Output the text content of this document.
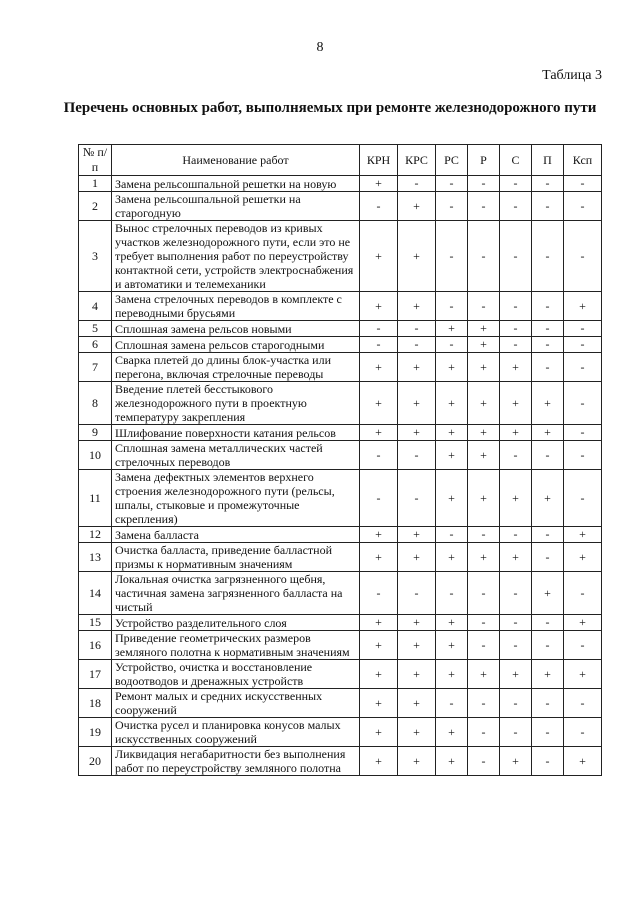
8
Таблица 3
Перечень основных работ, выполняемых при ремонте железнодорожного пути
№ п/п	Наименование работ	КРН	КРС	РС	Р	С	П	Ксп
1	Замена рельсошпальной решетки на новую	+	-	-	-	-	-	-
2	Замена рельсошпальной решетки на старогодную	-	+	-	-	-	-	-
3	Вынос стрелочных переводов из кривых участков железнодорожного пути, если это не требует выполнения работ по переустройству контактной сети, устройств электроснабжения и автоматики и телемеханики	+	+	-	-	-	-	-
4	Замена стрелочных переводов в комплекте с переводными брусьями	+	+	-	-	-	-	+
5	Сплошная замена рельсов новыми	-	-	+	+	-	-	-
6	Сплошная замена рельсов старогодными	-	-	-	+	-	-	-
7	Сварка плетей до длины блок-участка или перегона, включая стрелочные переводы	+	+	+	+	+	-	-
8	Введение плетей бесстыкового железнодорожного пути в проектную температуру закрепления	+	+	+	+	+	+	-
9	Шлифование поверхности катания рельсов	+	+	+	+	+	+	-
10	Сплошная замена металлических частей стрелочных переводов	-	-	+	+	-	-	-
11	Замена дефектных элементов верхнего строения железнодорожного пути (рельсы, шпалы, стыковые и промежуточные скрепления)	-	-	+	+	+	+	-
12	Замена балласта	+	+	-	-	-	-	+
13	Очистка балласта, приведение балластной призмы к нормативным значениям	+	+	+	+	+	-	+
14	Локальная очистка загрязненного щебня, частичная замена загрязненного балласта на чистый	-	-	-	-	-	+	-
15	Устройство разделительного слоя	+	+	+	-	-	-	+
16	Приведение геометрических размеров земляного полотна к нормативным значениям	+	+	+	-	-	-	-
17	Устройство, очистка и восстановление водоотводов и дренажных устройств	+	+	+	+	+	+	+
18	Ремонт малых и средних искусственных сооружений	+	+	-	-	-	-	-
19	Очистка русел и планировка конусов малых искусственных сооружений	+	+	+	-	-	-	-
20	Ликвидация негабаритности без выполнения работ по переустройству земляного полотна	+	+	+	-	+	-	+
